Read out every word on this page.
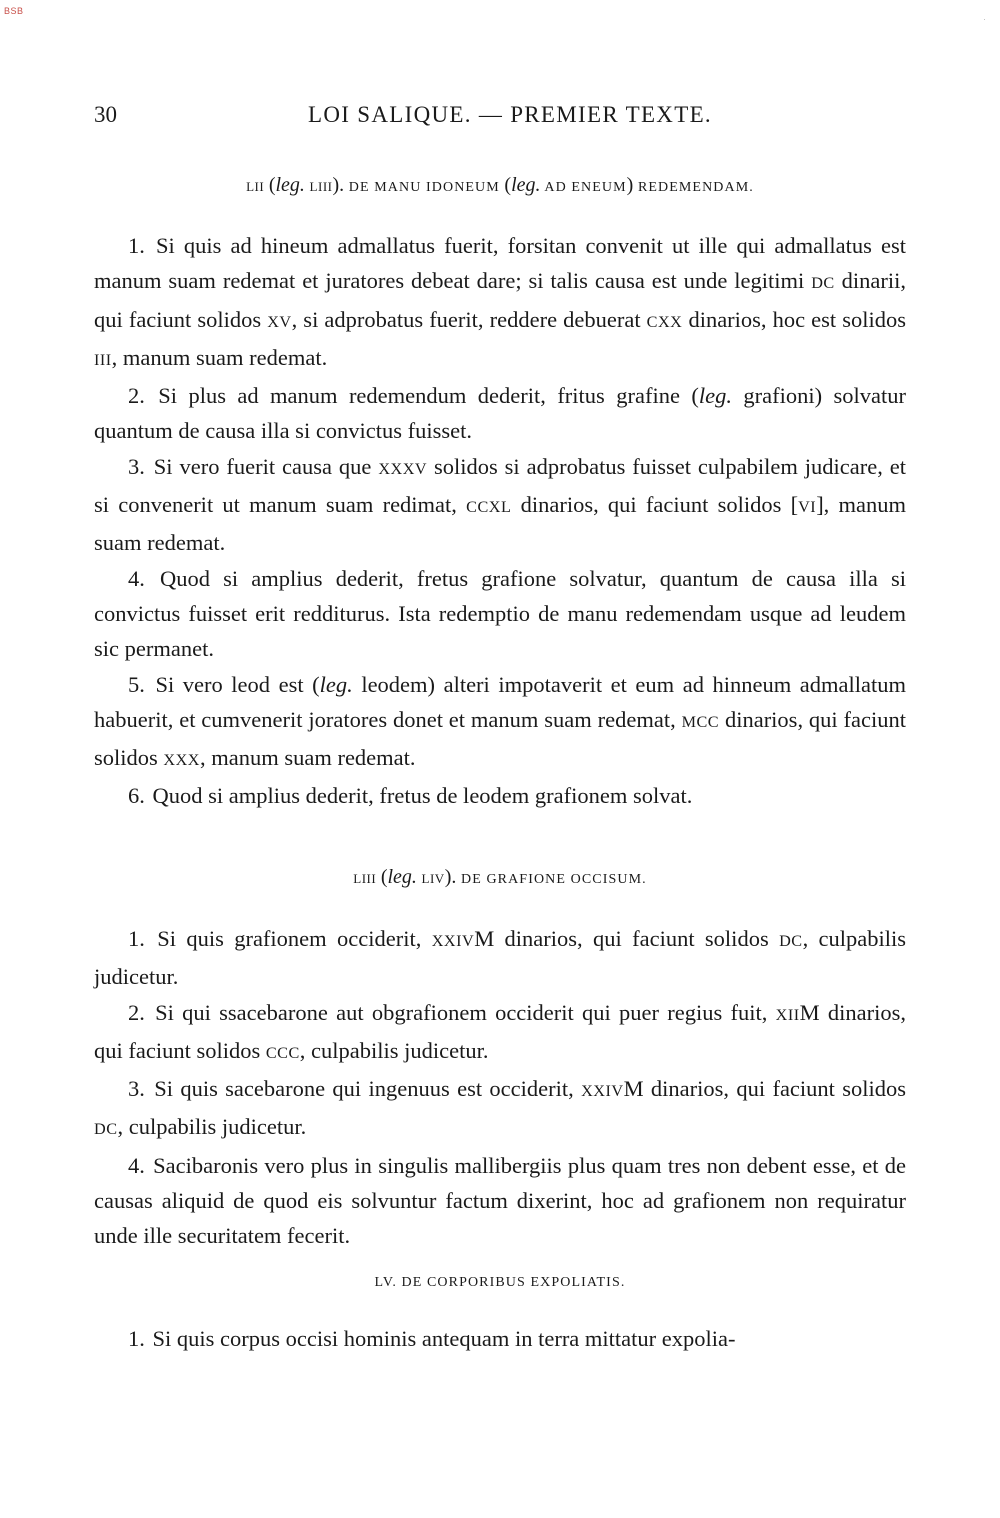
BSB
·
30	LOI SALIQUE. — PREMIER TEXTE.
LII (leg. LIII). DE MANU IDONEUM (leg. AD ENEUM) REDEMENDAM.

1. Si quis ad hineum admallatus fuerit, forsitan convenit ut ille qui admallatus est manum suam redemat et juratores debeat dare; si talis causa est unde legitimi DC dinarii, qui faciunt solidos XV, si adprobatus fuerit, reddere debuerat CXX dinarios, hoc est solidos III, manum suam redemat.

2. Si plus ad manum redemendum dederit, fritus grafine (leg. grafioni) solvatur quantum de causa illa si convictus fuisset.

3. Si vero fuerit causa que XXXV solidos si adprobatus fuisset culpabilem judicare, et si convenerit ut manum suam redimat, CCXL dinarios, qui faciunt solidos [VI], manum suam redemat.

4. Quod si amplius dederit, fretus grafione solvatur, quantum de causa illa si convictus fuisset erit redditurus. Ista redemptio de manu redemendam usque ad leudem sic permanet.

5. Si vero leod est (leg. leodem) alteri impotaverit et eum ad hinneum admallatum habuerit, et cumvenerit joratores donet et manum suam redemat, MCC dinarios, qui faciunt solidos XXX, manum suam redemat.

6. Quod si amplius dederit, fretus de leodem grafionem solvat.

LIII (leg. LIV). DE GRAFIONE OCCISUM.

1. Si quis grafionem occiderit, XXIVM dinarios, qui faciunt solidos DC, culpabilis judicetur.

2. Si qui ssacebarone aut obgrafionem occiderit qui puer regius fuit, XIIM dinarios, qui faciunt solidos CCC, culpabilis judicetur.

3. Si quis sacebarone qui ingenuus est occiderit, XXIVM dinarios, qui faciunt solidos DC, culpabilis judicetur.

4. Sacibaronis vero plus in singulis mallibergiis plus quam tres non debent esse, et de causas aliquid de quod eis solvuntur factum dixerint, hoc ad grafionem non requiratur unde ille securitatem fecerit.

LV. DE CORPORIBUS EXPOLIATIS.

1. Si quis corpus occisi hominis antequam in terra mittatur expolia-
